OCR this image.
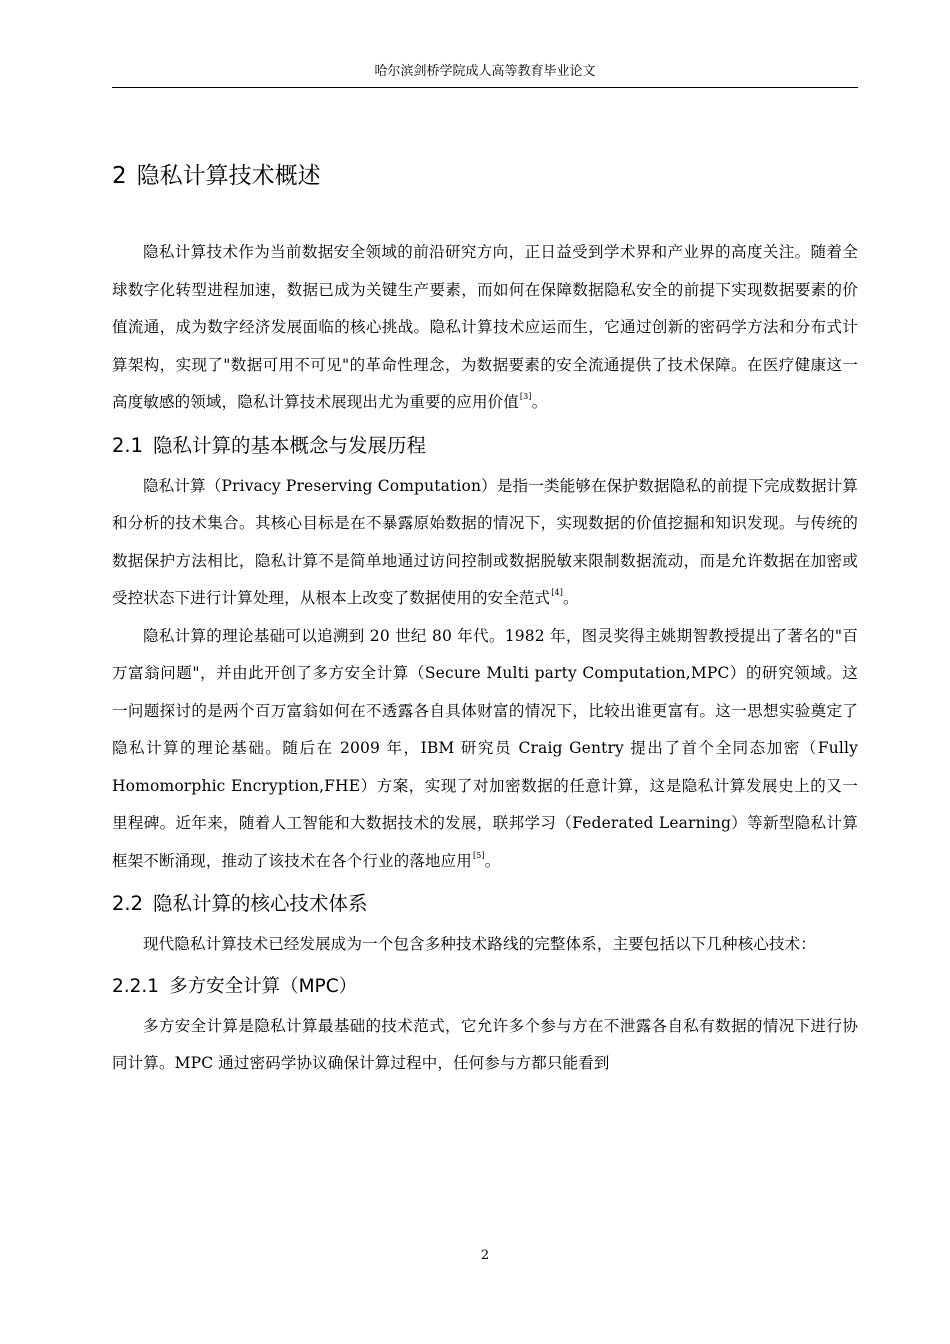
哈尔滨剑桥学院成人高等教育毕业论文
2 隐私计算技术概述

隐私计算技术作为当前数据安全领域的前沿研究方向，正日益受到学术界和产业界的高度关注。随着全球数字化转型进程加速，数据已成为关键生产要素，而如何在保障数据隐私安全的前提下实现数据要素的价值流通，成为数字经济发展面临的核心挑战。隐私计算技术应运而生，它通过创新的密码学方法和分布式计算架构，实现了"数据可用不可见"的革命性理念，为数据要素的安全流通提供了技术保障。在医疗健康这一高度敏感的领域，隐私计算技术展现出尤为重要的应用价值[3]。

2.1 隐私计算的基本概念与发展历程

隐私计算（Privacy Preserving Computation）是指一类能够在保护数据隐私的前提下完成数据计算和分析的技术集合。其核心目标是在不暴露原始数据的情况下，实现数据的价值挖掘和知识发现。与传统的数据保护方法相比，隐私计算不是简单地通过访问控制或数据脱敏来限制数据流动，而是允许数据在加密或受控状态下进行计算处理，从根本上改变了数据使用的安全范式[4]。

隐私计算的理论基础可以追溯到 20 世纪 80 年代。1982 年，图灵奖得主姚期智教授提出了著名的"百万富翁问题"，并由此开创了多方安全计算（Secure Multi party Computation,MPC）的研究领域。这一问题探讨的是两个百万富翁如何在不透露各自具体财富的情况下，比较出谁更富有。这一思想实验奠定了隐私计算的理论基础。随后在 2009 年，IBM 研究员 Craig Gentry 提出了首个全同态加密（Fully Homomorphic Encryption,FHE）方案，实现了对加密数据的任意计算，这是隐私计算发展史上的又一里程碑。近年来，随着人工智能和大数据技术的发展，联邦学习（Federated Learning）等新型隐私计算框架不断涌现，推动了该技术在各个行业的落地应用[5]。

2.2 隐私计算的核心技术体系

现代隐私计算技术已经发展成为一个包含多种技术路线的完整体系，主要包括以下几种核心技术：

2.2.1 多方安全计算（MPC）

多方安全计算是隐私计算最基础的技术范式，它允许多个参与方在不泄露各自私有数据的情况下进行协同计算。MPC 通过密码学协议确保计算过程中，任何参与方都只能看到

2
